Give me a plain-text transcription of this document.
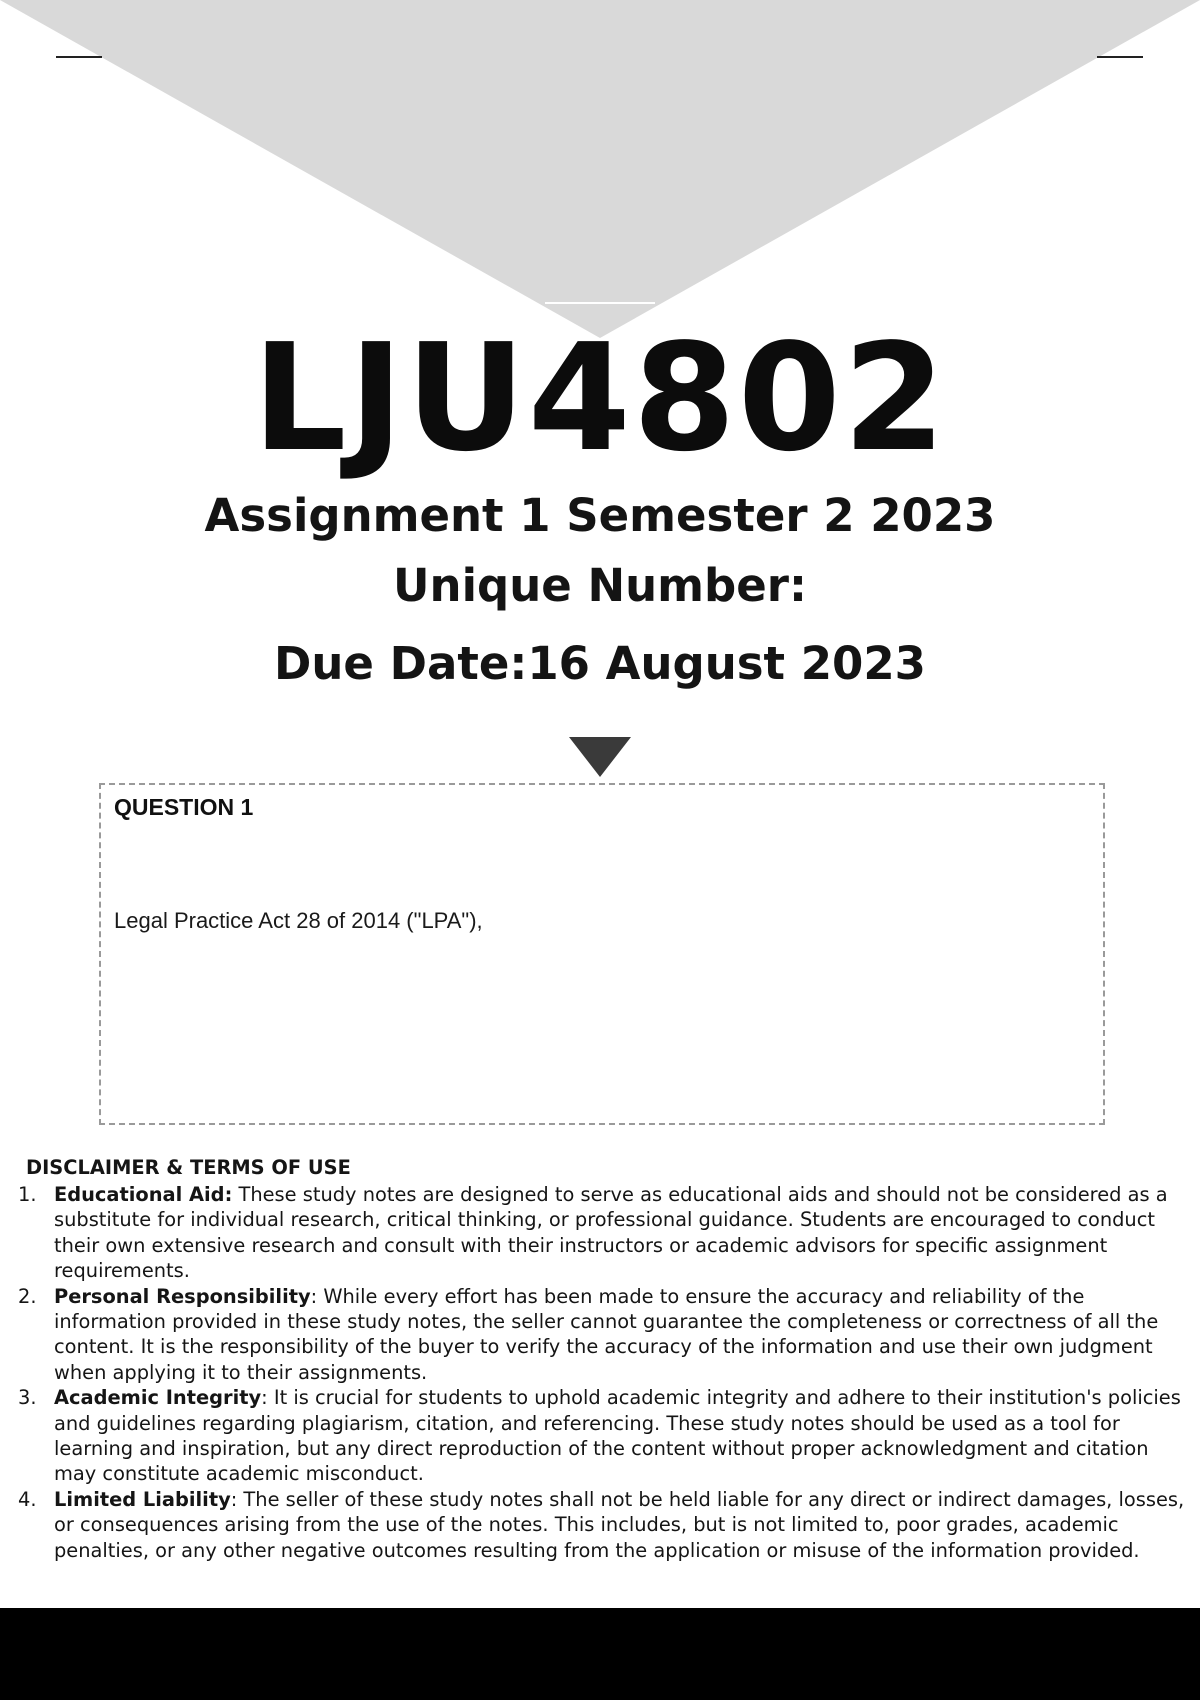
LJU4802
Assignment 1 Semester 2 2023
Unique Number:
Due Date:16 August 2023
QUESTION 1
Legal Practice Act 28 of 2014 ("LPA"),
DISCLAIMER & TERMS OF USE
1. Educational Aid: These study notes are designed to serve as educational aids and should not be considered as a substitute for individual research, critical thinking, or professional guidance. Students are encouraged to conduct their own extensive research and consult with their instructors or academic advisors for specific assignment requirements.
2. Personal Responsibility: While every effort has been made to ensure the accuracy and reliability of the information provided in these study notes, the seller cannot guarantee the completeness or correctness of all the content. It is the responsibility of the buyer to verify the accuracy of the information and use their own judgment when applying it to their assignments.
3. Academic Integrity: It is crucial for students to uphold academic integrity and adhere to their institution's policies and guidelines regarding plagiarism, citation, and referencing. These study notes should be used as a tool for learning and inspiration, but any direct reproduction of the content without proper acknowledgment and citation may constitute academic misconduct.
4. Limited Liability: The seller of these study notes shall not be held liable for any direct or indirect damages, losses, or consequences arising from the use of the notes. This includes, but is not limited to, poor grades, academic penalties, or any other negative outcomes resulting from the application or misuse of the information provided.
